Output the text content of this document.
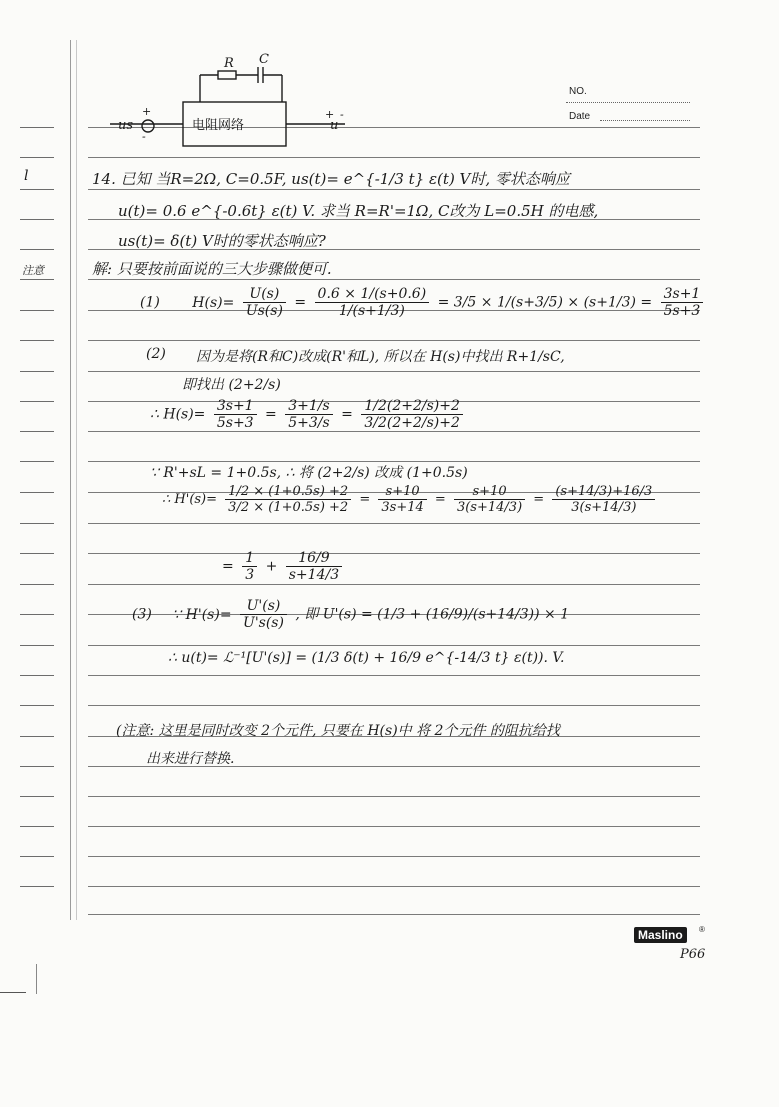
NO.
Date
R C
电阻网络
us
+
-
u
+ -
l
注意
14. 已知 当R=2Ω, C=0.5F, us(t)= e^{-1/3 t} ε(t) V时, 零状态响应
u(t)= 0.6 e^{-0.6t} ε(t) V. 求当 R=R'=1Ω, C改为 L=0.5H 的电感,
us(t)= δ(t) V时的零状态响应?
解: 只要按前面说的三大步骤做便可.
(1) $H(s)= \frac{U(s)}{Us(s)} = \frac{0.6 \times 1/(s+0.6)}{1/(s+1/3)} = 3/5 \times 1/(s+3/5) \times (s+1/3) = \frac{3s+1}{5s+3}$
(2) 因为是将(R和C)改成(R'和L), 所以在 H(s)中找出 R+1/sC,
即找出 (2+2/s)
∴ $H(s)= \frac{3s+1}{5s+3} = \frac{3+1/s}{5+3/s} = \frac{1/2(2+2/s)+2}{3/2(2+2/s)+2}$
∵ R'+sL = 1+0.5s, ∴ 将 (2+2/s) 改成 (1+0.5s)
∴ $H'(s)= \frac{1/2 \times (1+0.5s) +2}{3/2 \times (1+0.5s) +2} = \frac{s+10}{3s+14} = \frac{s+10}{3(s+14/3)} = \frac{(s+14/3)+16/3}{3(s+14/3)}$
= $\frac{1}{3} + \frac{16/9}{s+14/3}$
(3) ∵ $H'(s)= \frac{U'(s)}{U's(s)}$ , 即 U'(s) = (1/3 + (16/9)/(s+14/3)) × 1
∴ u(t)= ℒ⁻¹[U'(s)] = (1/3 δ(t) + 16/9 e^{-14/3 t} ε(t)). V.
(注意: 这里是同时改变 2个元件, 只要在 H(s)中 将 2个元件 的阻抗给找
出来进行替换.
Maslino	®
P66
